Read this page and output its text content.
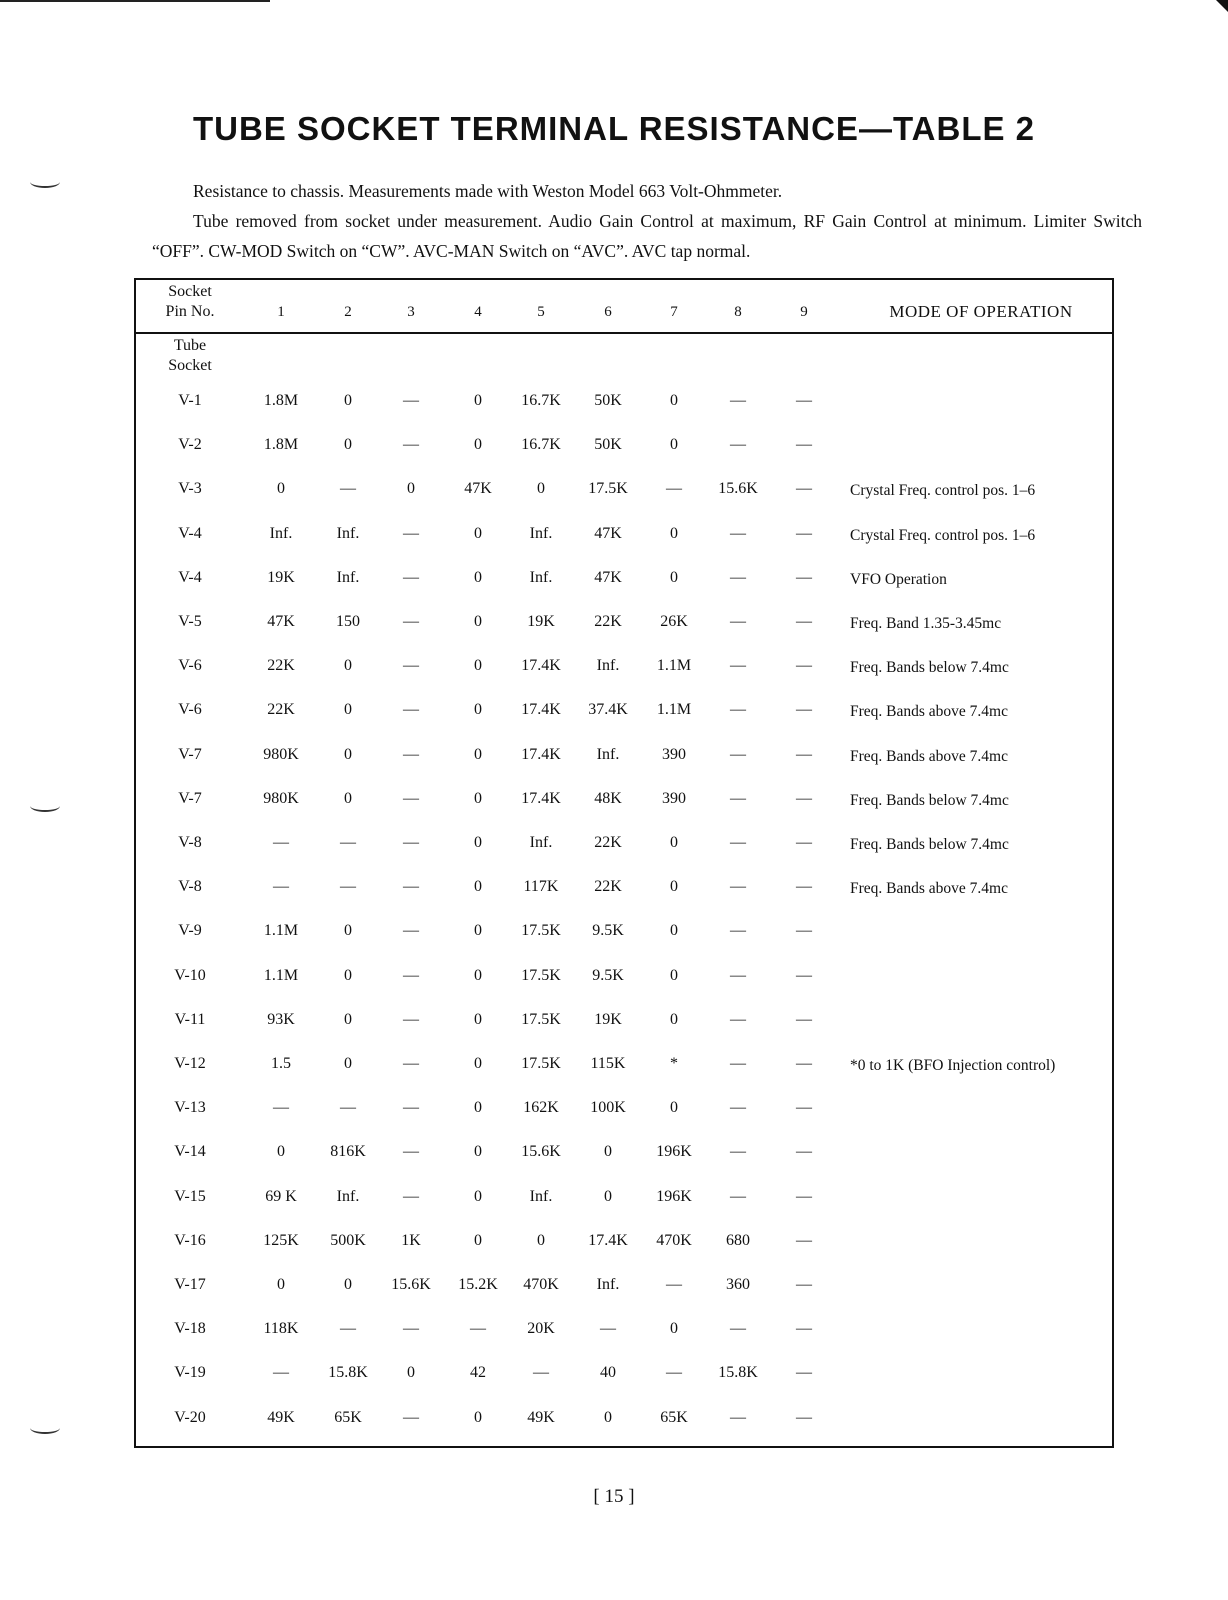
TUBE SOCKET TERMINAL RESISTANCE—TABLE 2

Resistance to chassis. Measurements made with Weston Model 663 Volt-Ohmmeter.

Tube removed from socket under measurement. Audio Gain Control at maximum, RF Gain Control at minimum. Limiter Switch “OFF”. CW-MOD Switch on “CW”. AVC-MAN Switch on “AVC”. AVC tap normal.

Socket
Pin No.	1	2	3	4	5	6	7	8	9	MODE OF OPERATION
Tube
Socket
V-1	1.8M	0	—	0	16.7K	50K	0	—	—
V-2	1.8M	0	—	0	16.7K	50K	0	—	—
V-3	0	—	0	47K	0	17.5K	—	15.6K	—	Crystal Freq. control pos. 1–6
V-4	Inf.	Inf.	—	0	Inf.	47K	0	—	—	Crystal Freq. control pos. 1–6
V-4	19K	Inf.	—	0	Inf.	47K	0	—	—	VFO Operation
V-5	47K	150	—	0	19K	22K	26K	—	—	Freq. Band 1.35-3.45mc
V-6	22K	0	—	0	17.4K	Inf.	1.1M	—	—	Freq. Bands below 7.4mc
V-6	22K	0	—	0	17.4K	37.4K	1.1M	—	—	Freq. Bands above 7.4mc
V-7	980K	0	—	0	17.4K	Inf.	390	—	—	Freq. Bands above 7.4mc
V-7	980K	0	—	0	17.4K	48K	390	—	—	Freq. Bands below 7.4mc
V-8	—	—	—	0	Inf.	22K	0	—	—	Freq. Bands below 7.4mc
V-8	—	—	—	0	117K	22K	0	—	—	Freq. Bands above 7.4mc
V-9	1.1M	0	—	0	17.5K	9.5K	0	—	—
V-10	1.1M	0	—	0	17.5K	9.5K	0	—	—
V-11	93K	0	—	0	17.5K	19K	0	—	—
V-12	1.5	0	—	0	17.5K	115K	*	—	—	*0 to 1K (BFO Injection control)
V-13	—	—	—	0	162K	100K	0	—	—
V-14	0	816K	—	0	15.6K	0	196K	—	—
V-15	69 K	Inf.	—	0	Inf.	0	196K	—	—
V-16	125K	500K	1K	0	0	17.4K	470K	680	—
V-17	0	0	15.6K	15.2K	470K	Inf.	—	360	—
V-18	118K	—	—	—	20K	—	0	—	—
V-19	—	15.8K	0	42	—	40	—	15.8K	—
V-20	49K	65K	—	0	49K	0	65K	—	—
[ 15 ]
